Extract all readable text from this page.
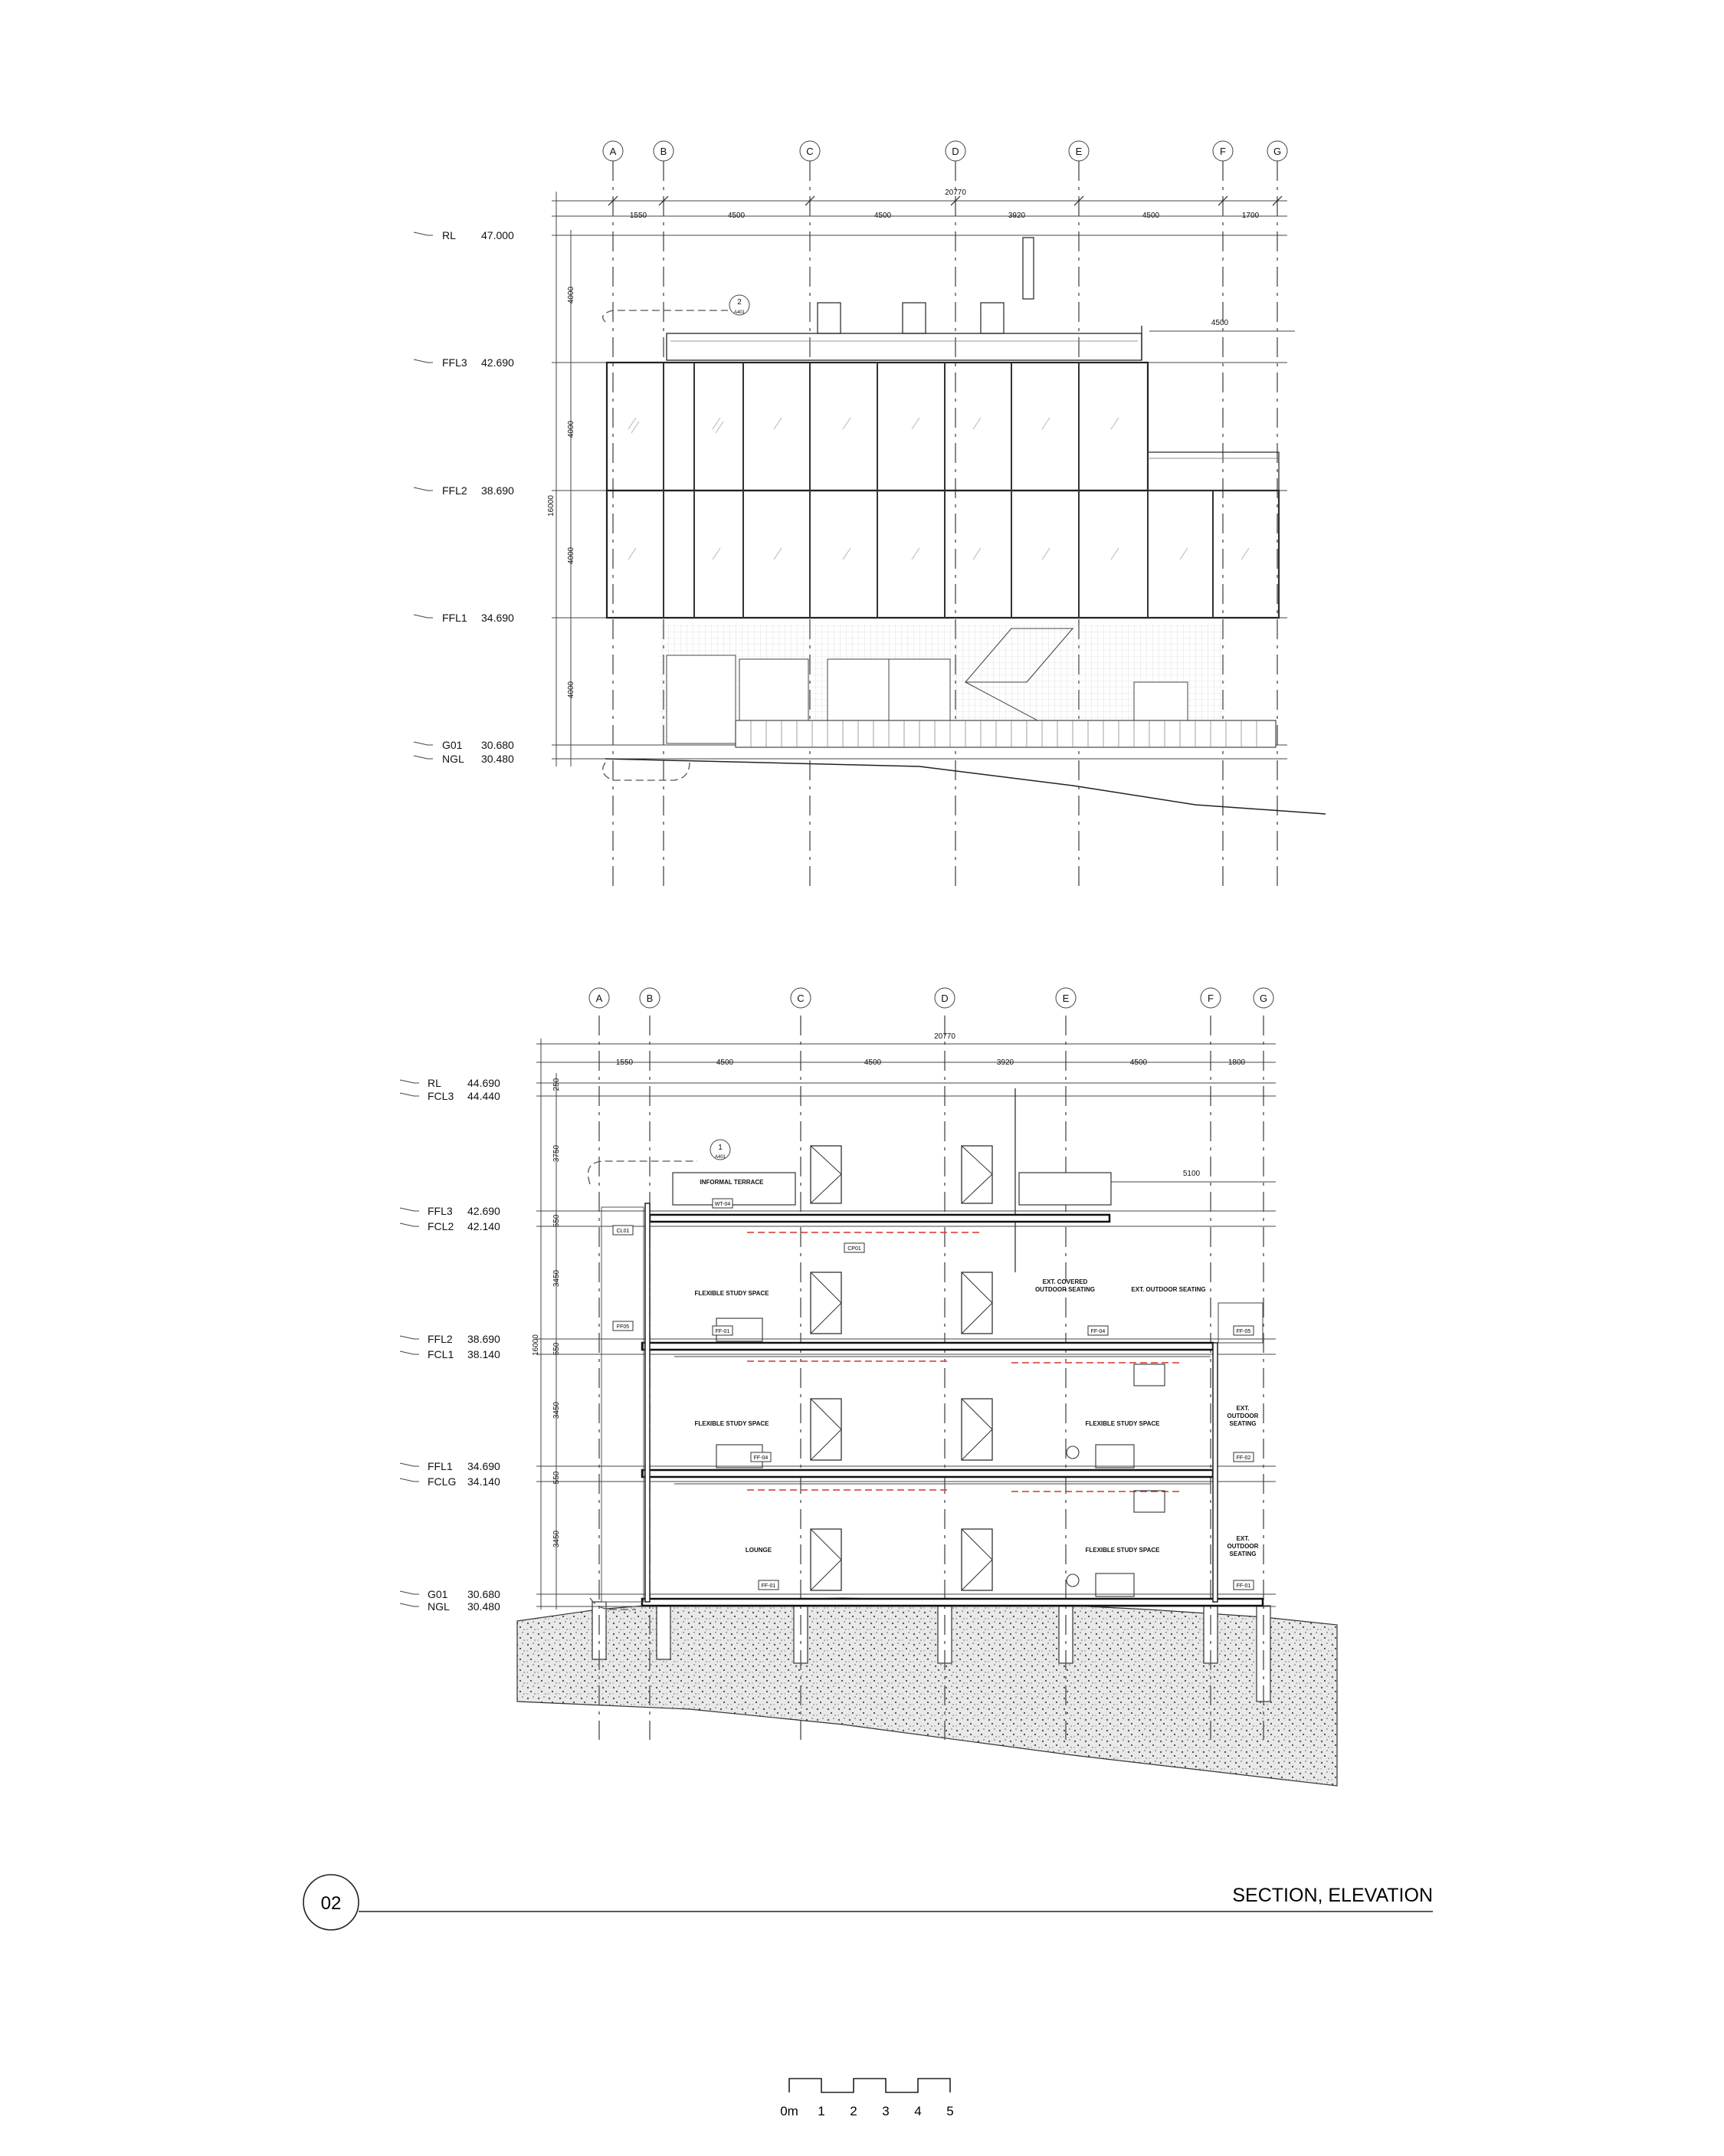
A	B	C	D	E	F	G
20770
1550	4500	4500	3920	4500	1700
4000
4000
4000
4000
16000
4500
RL 47.000
FFL3 42.690
FFL2 38.690
FFL1 34.690
G01 30.680
NGL 30.480
2
A401
A	B	C	D	E	F	G
20770
1550	4500	4500	3920	4500	1800
250
3750
550
3450
550
3450
550
3450
16000
5100
RL 44.690
FCL3 44.440
FFL3 42.690
FCL2 42.140
FFL2 38.690
FCL1 38.140
FFL1 34.690
FCLG 34.140
G01 30.680
NGL 30.480
1
A401
INFORMAL TERRACE
FLEXIBLE STUDY SPACE
EXT. COVERED
OUTDOOR SEATING	EXT. OUTDOOR SEATING
FLEXIBLE STUDY SPACE	FLEXIBLE STUDY SPACE
EXT.
OUTDOOR
SEATING
LOUNGE	FLEXIBLE STUDY SPACE
EXT.
OUTDOOR
SEATING
WT-04
CL01
CP01
FF05
FF-01	FF-04	FF-05
FF-04	FF-02
FF-01	FF-01
02	SECTION, ELEVATION
0m 1 2 3 4 5
